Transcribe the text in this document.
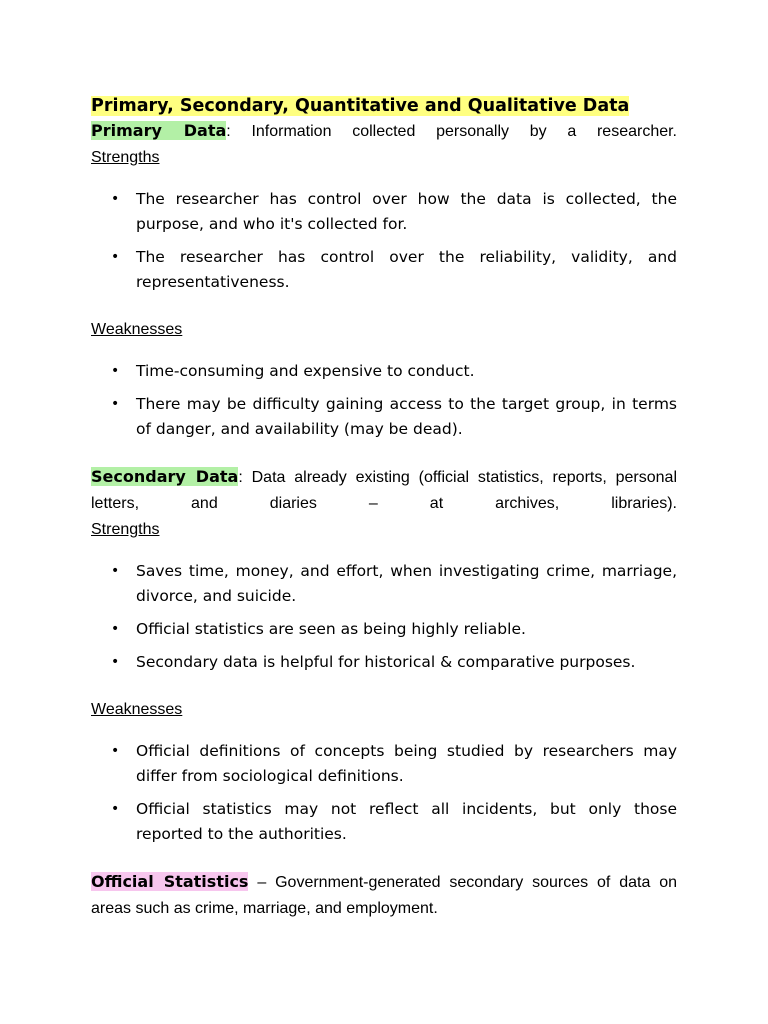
Primary, Secondary, Quantitative and Qualitative Data

Primary Data: Information collected personally by a researcher.

Strengths

• The researcher has control over how the data is collected, the purpose, and who it's collected for.
• The researcher has control over the reliability, validity, and representativeness.

Weaknesses

• Time-consuming and expensive to conduct.
• There may be difficulty gaining access to the target group, in terms of danger, and availability (may be dead).

Secondary Data: Data already existing (official statistics, reports, personal letters, and diaries – at archives, libraries).

Strengths

• Saves time, money, and effort, when investigating crime, marriage, divorce, and suicide.
• Official statistics are seen as being highly reliable.
• Secondary data is helpful for historical & comparative purposes.

Weaknesses

• Official definitions of concepts being studied by researchers may differ from sociological definitions.
• Official statistics may not reflect all incidents, but only those reported to the authorities.

Official Statistics – Government-generated secondary sources of data on areas such as crime, marriage, and employment.
